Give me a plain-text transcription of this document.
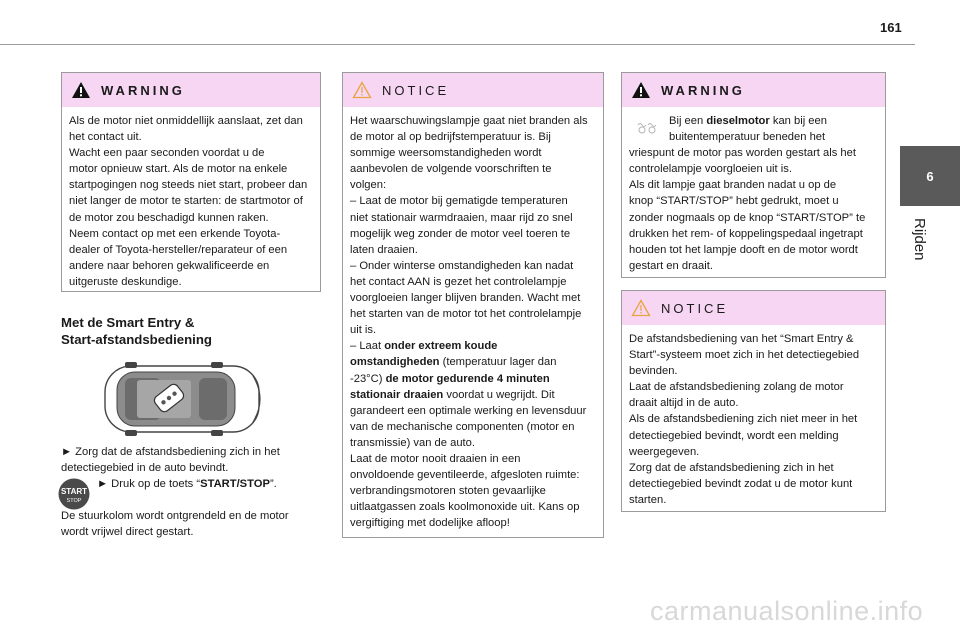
161
6
Rijden
WARNING
Als de motor niet onmiddellijk aanslaat, zet dan
het contact uit.
Wacht een paar seconden voordat u de
motor opnieuw start. Als de motor na enkele
startpogingen nog steeds niet start, probeer dan
niet langer de motor te starten: de startmotor of
de motor zou beschadigd kunnen raken.
Neem contact op met een erkende Toyota-
dealer of Toyota-hersteller/reparateur of een
andere naar behoren gekwalificeerde en
uitgeruste deskundige.
Met de Smart Entry &
Start-afstandsbediening
► Zorg dat de afstandsbediening zich in het
detectiegebied in de auto bevindt.
► Druk op de toets “START/STOP”.
START
STOP
De stuurkolom wordt ontgrendeld en de motor
wordt vrijwel direct gestart.
NOTICE
Het waarschuwingslampje gaat niet branden als
de motor al op bedrijfstemperatuur is. Bij
sommige weersomstandigheden wordt
aanbevolen de volgende voorschriften te
volgen:
– Laat de motor bij gematigde temperaturen
niet stationair warmdraaien, maar rijd zo snel
mogelijk weg zonder de motor veel toeren te
laten draaien.
– Onder winterse omstandigheden kan nadat
het contact AAN is gezet het controlelampje
voorgloeien langer blijven branden. Wacht met
het starten van de motor tot het controlelampje
uit is.
– Laat onder extreem koude
omstandigheden (temperatuur lager dan
-23°C) de motor gedurende 4 minuten
stationair draaien voordat u wegrijdt. Dit
garandeert een optimale werking en levensduur
van de mechanische componenten (motor en
transmissie) van de auto.
Laat de motor nooit draaien in een
onvoldoende geventileerde, afgesloten ruimte:
verbrandingsmotoren stoten gevaarlijke
uitlaatgassen zoals koolmonoxide uit. Kans op
vergiftiging met dodelijke afloop!
WARNING
Bij een dieselmotor kan bij een
buitentemperatuur beneden het
vriespunt de motor pas worden gestart als het
controlelampje voorgloeien uit is.
Als dit lampje gaat branden nadat u op de
knop “START/STOP” hebt gedrukt, moet u
zonder nogmaals op de knop “START/STOP” te
drukken het rem- of koppelingspedaal ingetrapt
houden tot het lampje dooft en de motor wordt
gestart en draait.
NOTICE
De afstandsbediening van het “Smart Entry &
Start”-systeem moet zich in het detectiegebied
bevinden.
Laat de afstandsbediening zolang de motor
draait altijd in de auto.
Als de afstandsbediening zich niet meer in het
detectiegebied bevindt, wordt een melding
weergegeven.
Zorg dat de afstandsbediening zich in het
detectiegebied bevindt zodat u de motor kunt
starten.
carmanualsonline.info
